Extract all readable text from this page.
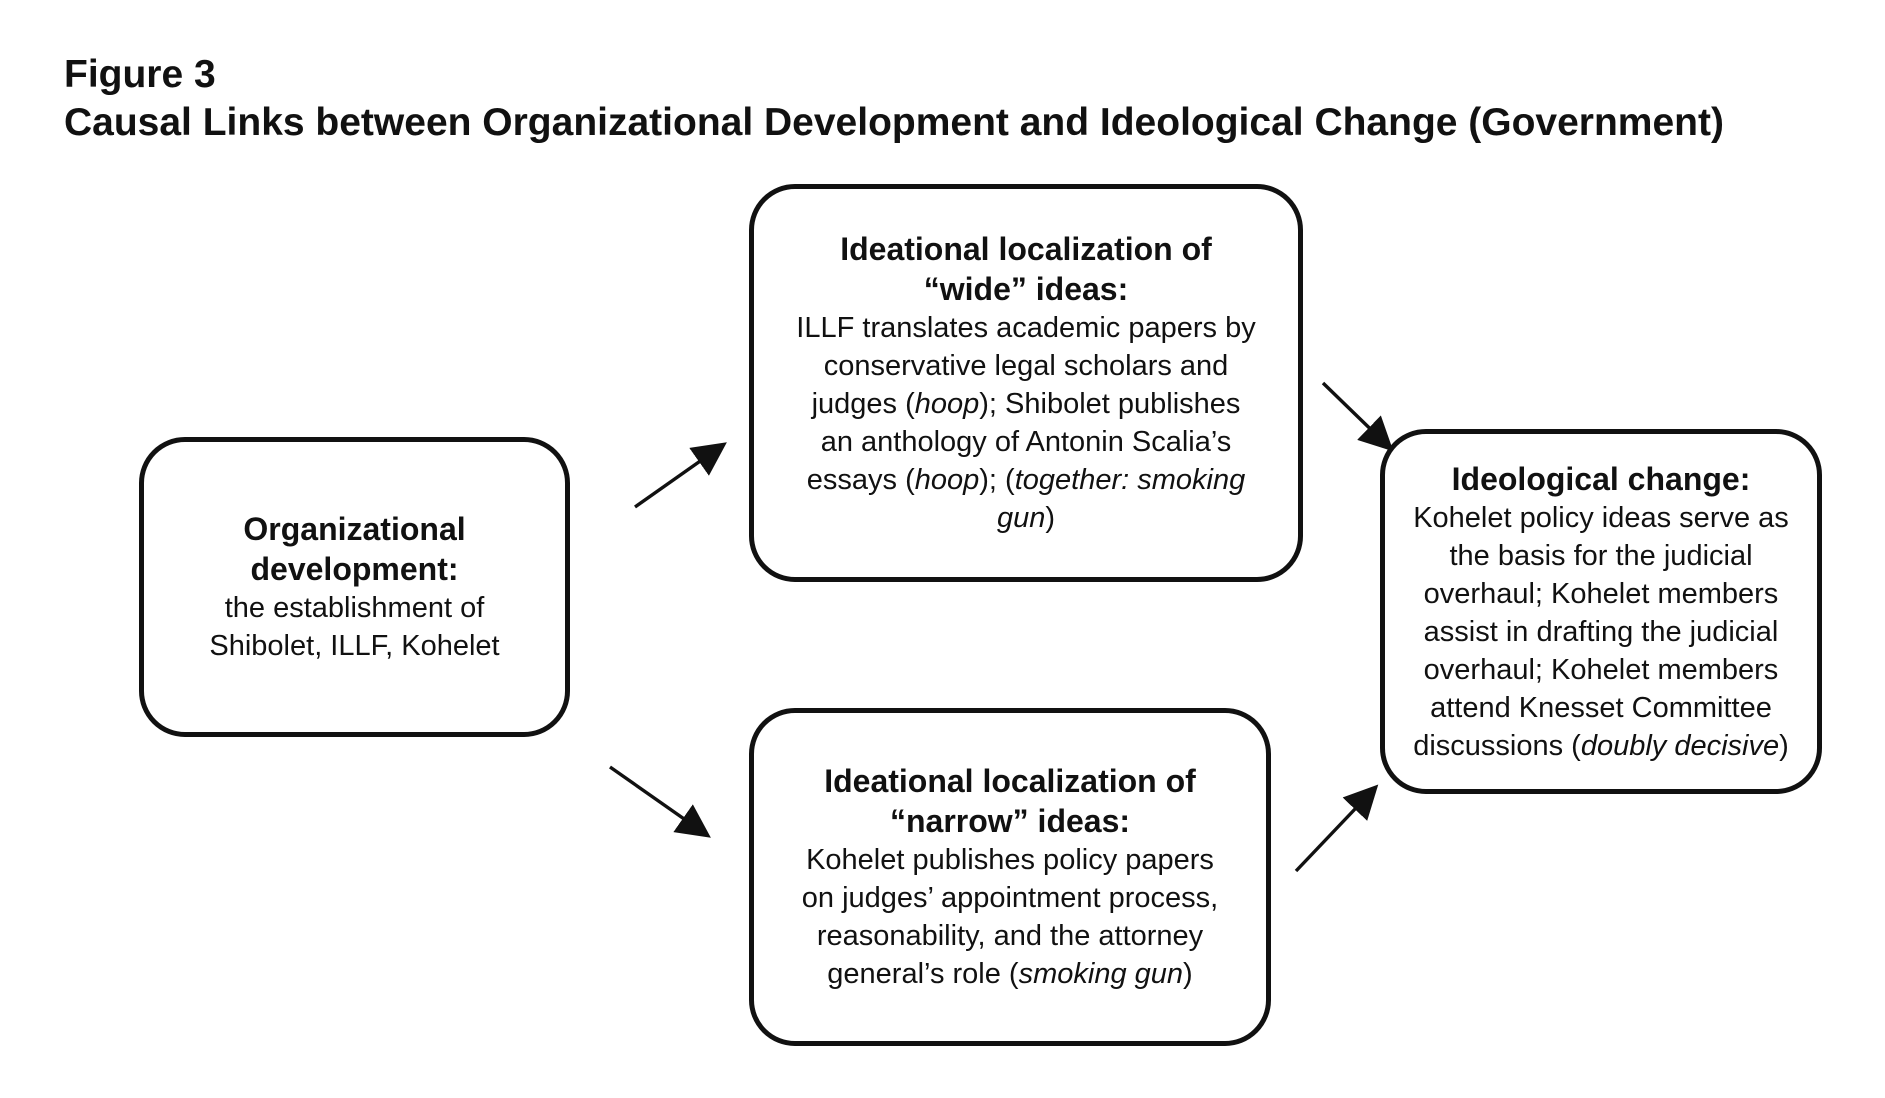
Figure 3
Causal Links between Organizational Development and Ideological Change (Government)
Organizational
development:
the establishment of
Shibolet, ILLF, Kohelet
Ideational localization of
“wide” ideas:
ILLF translates academic papers by
conservative legal scholars and
judges (hoop); Shibolet publishes
an anthology of Antonin Scalia’s
essays (hoop); (together: smoking
gun)
Ideational localization of
“narrow” ideas:
Kohelet publishes policy papers
on judges’ appointment process,
reasonability, and the attorney
general’s role (smoking gun)
Ideological change:
Kohelet policy ideas serve as
the basis for the judicial
overhaul; Kohelet members
assist in drafting the judicial
overhaul; Kohelet members
attend Knesset Committee
discussions (doubly decisive)
